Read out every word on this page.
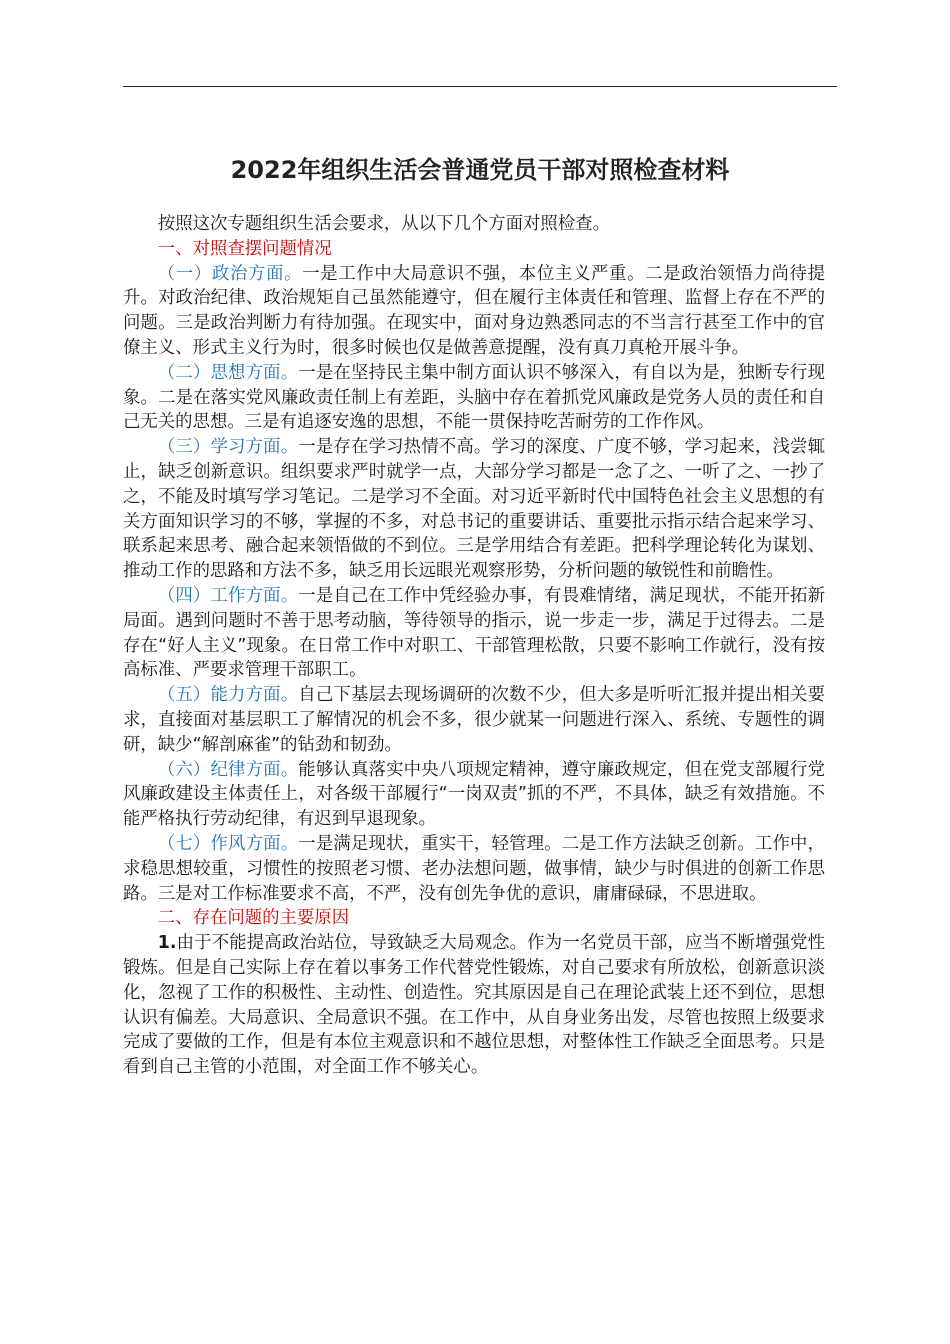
2022年组织生活会普通党员干部对照检查材料

按照这次专题组织生活会要求，从以下几个方面对照检查。

一、对照查摆问题情况

（一）政治方面。一是工作中大局意识不强，本位主义严重。二是政治领悟力尚待提升。对政治纪律、政治规矩自己虽然能遵守，但在履行主体责任和管理、监督上存在不严的问题。三是政治判断力有待加强。在现实中，面对身边熟悉同志的不当言行甚至工作中的官僚主义、形式主义行为时，很多时候也仅是做善意提醒，没有真刀真枪开展斗争。

（二）思想方面。一是在坚持民主集中制方面认识不够深入，有自以为是，独断专行现象。二是在落实党风廉政责任制上有差距，头脑中存在着抓党风廉政是党务人员的责任和自己无关的思想。三是有追逐安逸的思想，不能一贯保持吃苦耐劳的工作作风。

（三）学习方面。一是存在学习热情不高。学习的深度、广度不够，学习起来，浅尝辄止，缺乏创新意识。组织要求严时就学一点，大部分学习都是一念了之、一听了之、一抄了之，不能及时填写学习笔记。二是学习不全面。对习近平新时代中国特色社会主义思想的有关方面知识学习的不够，掌握的不多，对总书记的重要讲话、重要批示指示结合起来学习、联系起来思考、融合起来领悟做的不到位。三是学用结合有差距。把科学理论转化为谋划、推动工作的思路和方法不多，缺乏用长远眼光观察形势，分析问题的敏锐性和前瞻性。

（四）工作方面。一是自己在工作中凭经验办事，有畏难情绪，满足现状，不能开拓新局面。遇到问题时不善于思考动脑，等待领导的指示，说一步走一步，满足于过得去。二是存在“好人主义”现象。在日常工作中对职工、干部管理松散，只要不影响工作就行，没有按高标准、严要求管理干部职工。

（五）能力方面。自己下基层去现场调研的次数不少，但大多是听听汇报并提出相关要求，直接面对基层职工了解情况的机会不多，很少就某一问题进行深入、系统、专题性的调研，缺少“解剖麻雀”的钻劲和韧劲。

（六）纪律方面。能够认真落实中央八项规定精神，遵守廉政规定，但在党支部履行党风廉政建设主体责任上，对各级干部履行“一岗双责”抓的不严，不具体，缺乏有效措施。不能严格执行劳动纪律，有迟到早退现象。

（七）作风方面。一是满足现状，重实干，轻管理。二是工作方法缺乏创新。工作中，求稳思想较重，习惯性的按照老习惯、老办法想问题，做事情，缺少与时俱进的创新工作思路。三是对工作标准要求不高，不严，没有创先争优的意识，庸庸碌碌，不思进取。

二、存在问题的主要原因

1.由于不能提高政治站位，导致缺乏大局观念。作为一名党员干部，应当不断增强党性锻炼。但是自己实际上存在着以事务工作代替党性锻炼，对自己要求有所放松，创新意识淡化，忽视了工作的积极性、主动性、创造性。究其原因是自己在理论武装上还不到位，思想认识有偏差。大局意识、全局意识不强。在工作中，从自身业务出发，尽管也按照上级要求完成了要做的工作，但是有本位主观意识和不越位思想，对整体性工作缺乏全面思考。只是看到自己主管的小范围，对全面工作不够关心。
